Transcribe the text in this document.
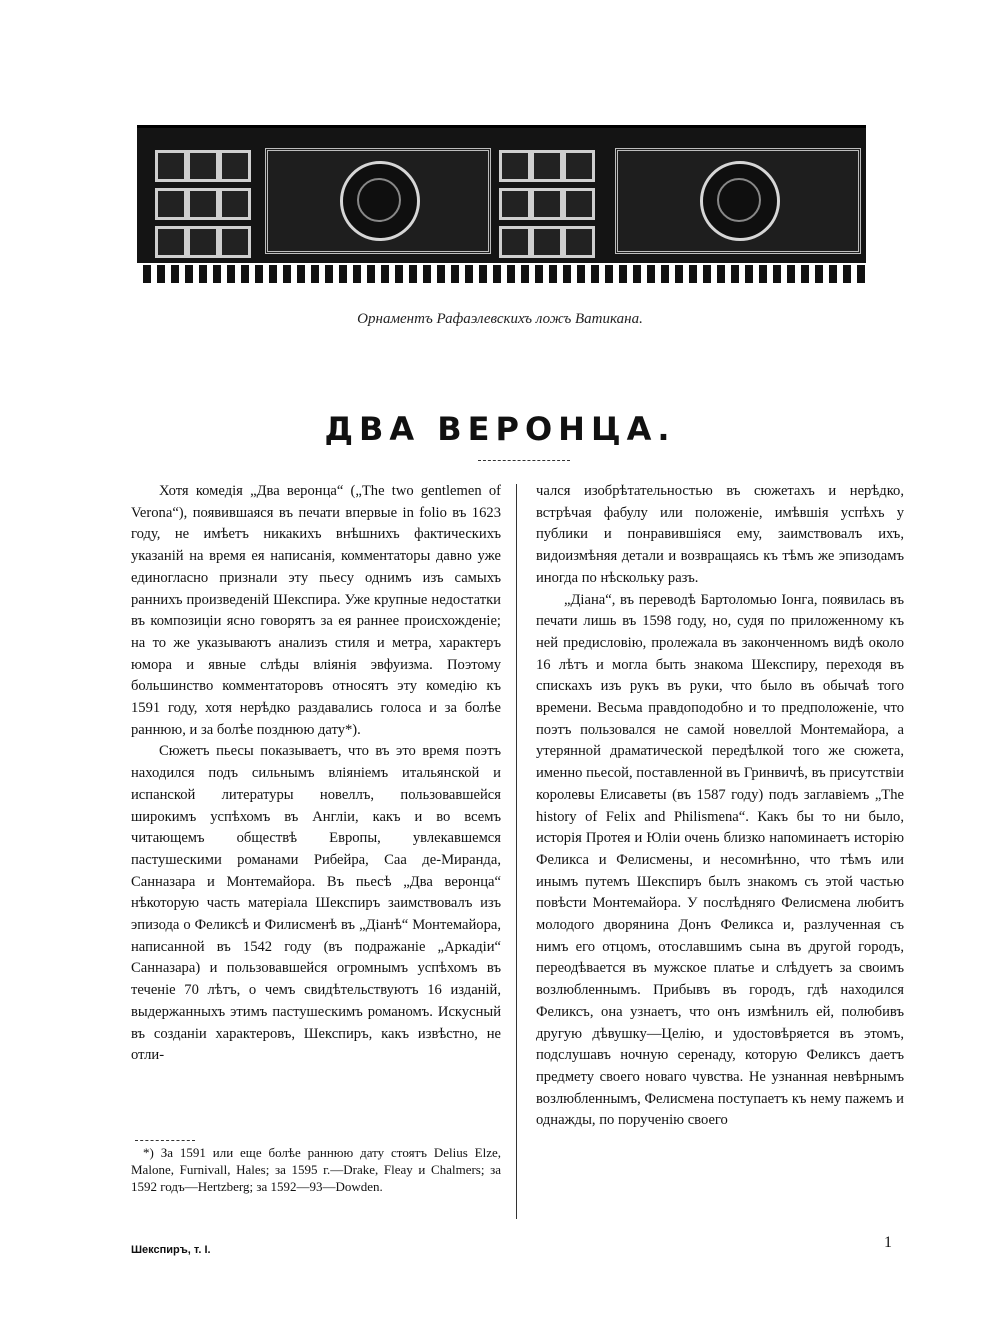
Орнаментъ Рафаэлевскихъ ложъ Ватикана.
ДВА ВЕРОНЦА.

Хотя комедія „Два веронца“ („The two gentlemen of Verona“), появившаяся въ печати впервые in folio въ 1623 году, не имѣетъ никакихъ внѣшнихъ фактическихъ указаній на время ея написанія, комментаторы давно уже единогласно признали эту пьесу однимъ изъ самыхъ раннихъ произведеній Шекспира. Уже крупные недостатки въ композиціи ясно говорятъ за ея раннее происхожденіе; на то же указываютъ анализъ стиля и метра, характеръ юмора и явные слѣды вліянія эвфуизма. Поэтому большинство комментаторовъ относятъ эту комедію къ 1591 году, хотя нерѣдко раздавались голоса и за болѣе раннюю, и за болѣе позднюю дату*).

Сюжетъ пьесы показываетъ, что въ это время поэтъ находился подъ сильнымъ вліяніемъ итальянской и испанской литературы новеллъ, пользовавшейся широкимъ успѣхомъ въ Англіи, какъ и во всемъ читающемъ обществѣ Европы, увлекавшемся пастушескими романами Рибейра, Саа де-Миранда, Санназара и Монтемайора. Въ пьесѣ „Два веронца“ нѣкоторую часть матеріала Шекспиръ заимствовалъ изъ эпизода о Феликсѣ и Филисменѣ въ „Діанѣ“ Монтемайора, написанной въ 1542 году (въ подражаніе „Аркадіи“ Санназара) и пользовавшейся огромнымъ успѣхомъ въ теченіе 70 лѣтъ, о чемъ свидѣтельствуютъ 16 изданій, выдержанныхъ этимъ пастушескимъ романомъ. Искусный въ созданіи характеровъ, Шекспиръ, какъ извѣстно, не отли-

чался изобрѣтательностью въ сюжетахъ и нерѣдко, встрѣчая фабулу или положеніе, имѣвшія успѣхъ у публики и понравившіяся ему, заимствовалъ ихъ, видоизмѣняя детали и возвращаясь къ тѣмъ же эпизодамъ иногда по нѣскольку разъ.

„Діана“, въ переводѣ Бартоломью Іонга, появилась въ печати лишь въ 1598 году, но, судя по приложенному къ ней предисловію, пролежала въ законченномъ видѣ около 16 лѣтъ и могла быть знакома Шекспиру, переходя въ спискахъ изъ рукъ въ руки, что было въ обычаѣ того времени. Весьма правдоподобно и то предположеніе, что поэтъ пользовался не самой новеллой Монтемайора, а утерянной драматической передѣлкой того же сюжета, именно пьесой, поставленной въ Гринвичѣ, въ присутствіи королевы Елисаветы (въ 1587 году) подъ заглавіемъ „The history of Felix and Philismena“. Какъ бы то ни было, исторія Протея и Юліи очень близко напоминаетъ исторію Феликса и Фелисмены, и несомнѣнно, что тѣмъ или инымъ путемъ Шекспиръ былъ знакомъ съ этой частью повѣсти Монтемайора. У послѣдняго Фелисмена любитъ молодого дворянина Донъ Феликса и, разлученная съ нимъ его отцомъ, отославшимъ сына въ другой городъ, переодѣвается въ мужское платье и слѣдуетъ за своимъ возлюбленнымъ. Прибывъ въ городъ, гдѣ находился Феликсъ, она узнаетъ, что онъ измѣнилъ ей, полюбивъ другую дѣвушку—Целію, и удостовѣряется въ этомъ, подслушавъ ночную серенаду, которую Феликсъ даетъ предмету своего новаго чувства. Не узнанная невѣрнымъ возлюбленнымъ, Фелисмена поступаетъ къ нему пажемъ и однажды, по порученію своего

*) За 1591 или еще болѣе раннюю дату стоятъ Delius Elze, Malone, Furnivall, Hales; за 1595 г.—Drake, Fleay и Chalmers; за 1592 годъ—Hertzberg; за 1592—93—Dowden.

Шекспиръ, т. I.	1
